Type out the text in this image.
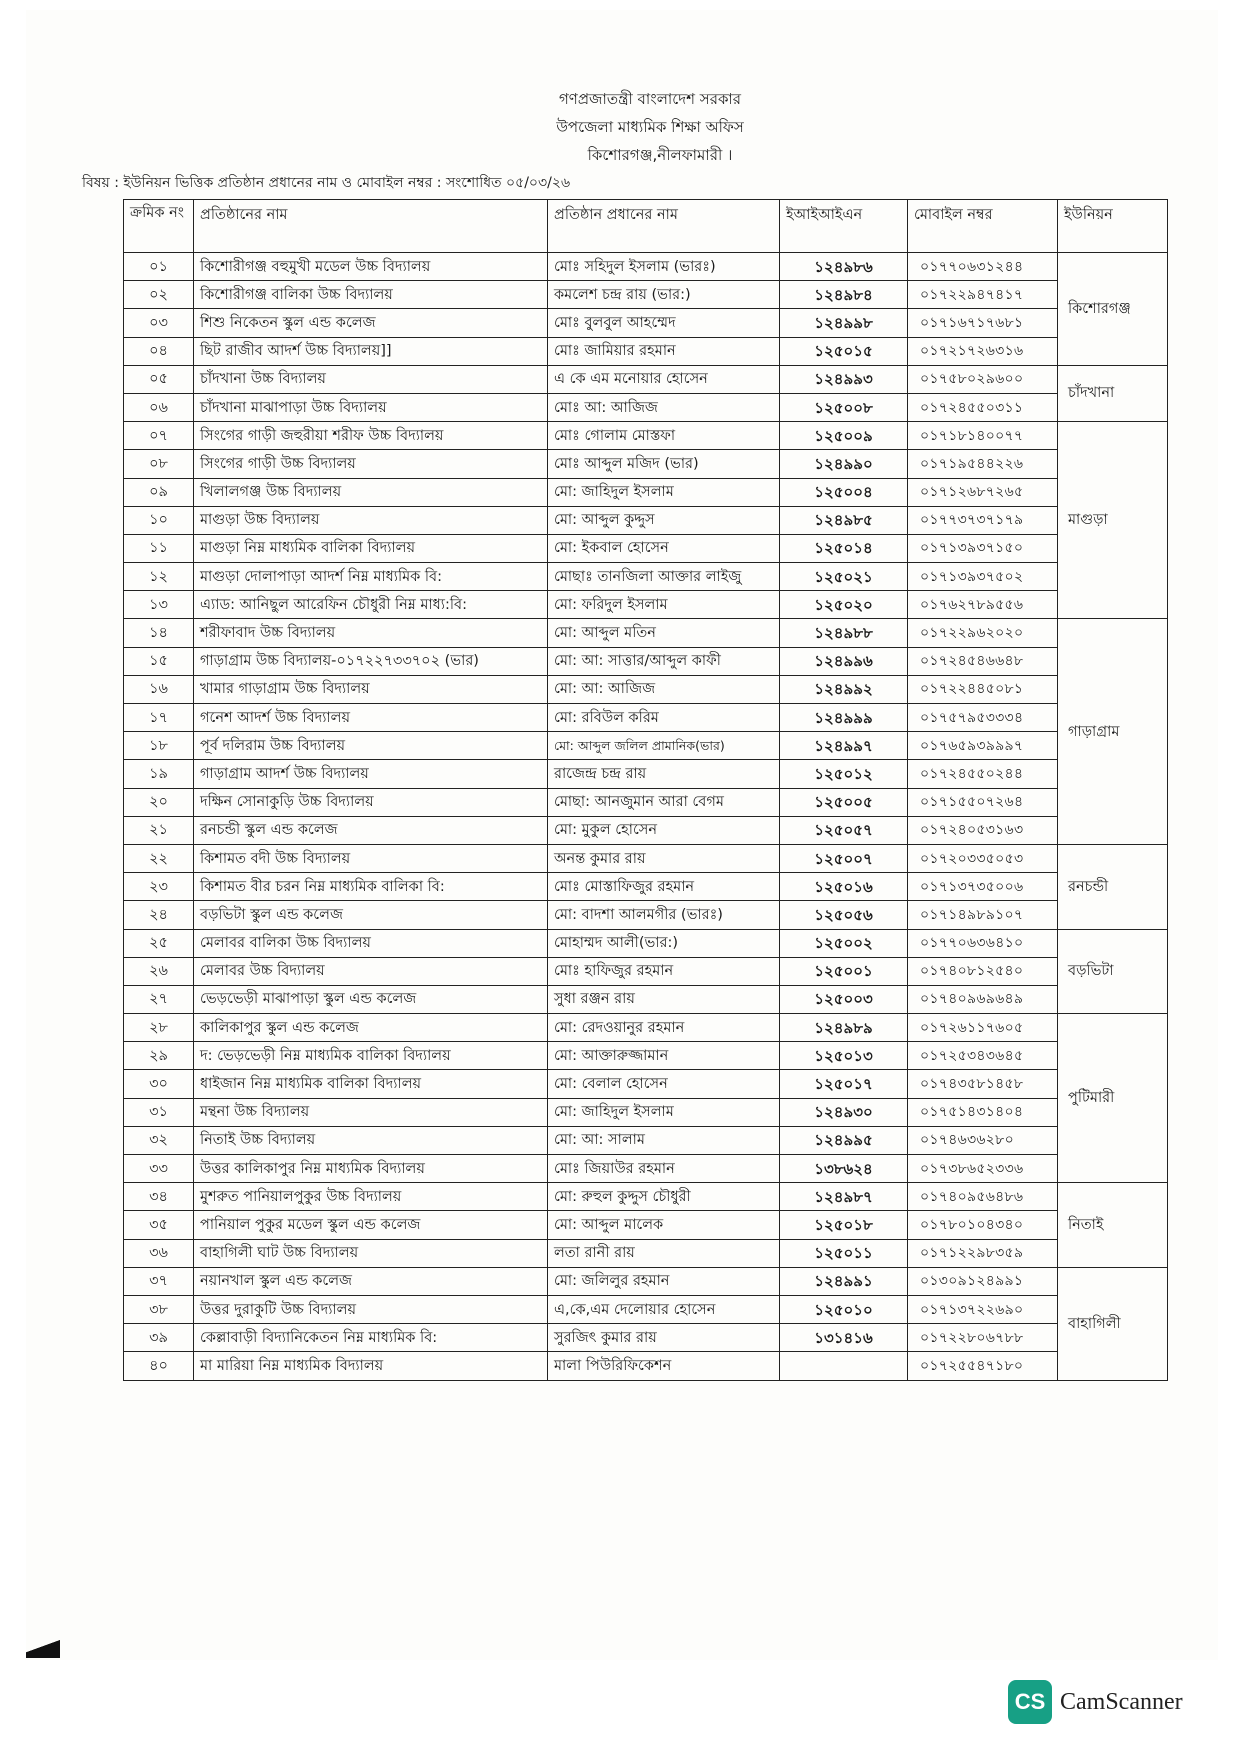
গণপ্রজাতন্ত্রী বাংলাদেশ সরকার
উপজেলা মাধ্যমিক শিক্ষা অফিস
কিশোরগঞ্জ,নীলফামারী ।
বিষয় : ইউনিয়ন ভিত্তিক প্রতিষ্ঠান প্রধানের নাম ও মোবাইল নম্বর : সংশোধিত ০৫/০৩/২৬
ক্রমিক নং	প্রতিষ্ঠানের নাম	প্রতিষ্ঠান প্রধানের নাম	ইআইআইএন	মোবাইল নম্বর	ইউনিয়ন
০১	কিশোরীগঞ্জ বহুমুখী মডেল উচ্চ বিদ্যালয়	মোঃ সহিদুল ইসলাম (ভারঃ)	১২৪৯৮৬	০১৭৭০৬৩১২৪৪	কিশোরগঞ্জ
০২	কিশোরীগঞ্জ বালিকা উচ্চ বিদ্যালয়	কমলেশ চন্দ্র রায় (ভার:)	১২৪৯৮৪	০১৭২২৯৪৭৪১৭	
০৩	শিশু নিকেতন স্কুল এন্ড কলেজ	মোঃ বুলবুল আহম্মেদ	১২৪৯৯৮	০১৭১৬৭১৭৬৮১	
০৪	ছিট রাজীব আদর্শ উচ্চ বিদ্যালয়]]	মোঃ জামিয়ার রহমান	১২৫০১৫	০১৭২১৭২৬৩১৬	
০৫	চাঁদখানা উচ্চ বিদ্যালয়	এ কে এম মনোয়ার হোসেন	১২৪৯৯৩	০১৭৫৮০২৯৬০০	চাঁদখানা
০৬	চাঁদখানা মাঝাপাড়া উচ্চ বিদ্যালয়	মোঃ আ: আজিজ	১২৫০০৮	০১৭২৪৫৫০৩১১	
০৭	সিংগের গাড়ী জহুরীয়া শরীফ উচ্চ বিদ্যালয়	মোঃ গোলাম মোস্তফা	১২৫০০৯	০১৭১৮১৪০০৭৭	মাগুড়া
০৮	সিংগের গাড়ী উচ্চ বিদ্যালয়	মোঃ আব্দুল মজিদ (ভার)	১২৪৯৯০	০১৭১৯৫৪৪২২৬	
০৯	খিলালগঞ্জ উচ্চ বিদ্যালয়	মো: জাহিদুল ইসলাম	১২৫০০৪	০১৭১২৬৮৭২৬৫	
১০	মাগুড়া উচ্চ বিদ্যালয়	মো: আব্দুল কুদ্দুস	১২৪৯৮৫	০১৭৭৩৭৩৭১৭৯	
১১	মাগুড়া নিম্ন মাধ্যমিক বালিকা বিদ্যালয়	মো: ইকবাল হোসেন	১২৫০১৪	০১৭১৩৯৩৭১৫০	
১২	মাগুড়া দোলাপাড়া আদর্শ নিম্ন মাধ্যমিক বি:	মোছাঃ তানজিলা আক্তার লাইজু	১২৫০২১	০১৭১৩৯৩৭৫০২	
১৩	এ্যাড: আনিছুল আরেফিন চৌধুরী নিম্ন মাধ্য:বি:	মো: ফরিদুল ইসলাম	১২৫০২০	০১৭৬২৭৮৯৫৫৬	
১৪	শরীফাবাদ উচ্চ বিদ্যালয়	মো: আব্দুল মতিন	১২৪৯৮৮	০১৭২২৯৬২০২০	গাড়াগ্রাম
১৫	গাড়াগ্রাম উচ্চ বিদ্যালয়-০১৭২২৭৩৩৭০২ (ভার)	মো: আ: সাত্তার/আব্দুল কাফী	১২৪৯৯৬	০১৭২৪৫৪৬৬৪৮	
১৬	খামার গাড়াগ্রাম উচ্চ বিদ্যালয়	মো: আ: আজিজ	১২৪৯৯২	০১৭২২৪৪৫০৮১	
১৭	গনেশ আদর্শ উচ্চ বিদ্যালয়	মো: রবিউল করিম	১২৪৯৯৯	০১৭৫৭৯৫৩৩৩৪	
১৮	পূর্ব দলিরাম উচ্চ বিদ্যালয়	মো: আব্দুল জলিল প্রামানিক(ভার)	১২৪৯৯৭	০১৭৬৫৯৩৯৯৯৭	
১৯	গাড়াগ্রাম আদর্শ উচ্চ বিদ্যালয়	রাজেন্দ্র চন্দ্র রায়	১২৫০১২	০১৭২৪৫৫০২৪৪	
২০	দক্ষিন সোনাকুড়ি উচ্চ বিদ্যালয়	মোছা: আনজুমান আরা বেগম	১২৫০০৫	০১৭১৫৫০৭২৬৪	
২১	রনচন্ডী স্কুল এন্ড কলেজ	মো: মুকুল হোসেন	১২৫০৫৭	০১৭২৪০৫৩১৬৩	
২২	কিশামত বদী উচ্চ বিদ্যালয়	অনন্ত কুমার রায়	১২৫০০৭	০১৭২০৩৩৫০৫৩	রনচন্ডী
২৩	কিশামত বীর চরন নিম্ন মাধ্যমিক বালিকা বি:	মোঃ মোস্তাফিজুর রহমান	১২৫০১৬	০১৭১৩৭৩৫০০৬	
২৪	বড়ভিটা স্কুল এন্ড কলেজ	মো: বাদশা আলমগীর (ভারঃ)	১২৫০৫৬	০১৭১৪৯৮৯১০৭	
২৫	মেলাবর বালিকা উচ্চ বিদ্যালয়	মোহাম্মদ আলী(ভার:)	১২৫০০২	০১৭৭০৬৩৬৪১০	বড়ভিটা
২৬	মেলাবর উচ্চ বিদ্যালয়	মোঃ হাফিজুর রহমান	১২৫০০১	০১৭৪০৮১২৫৪০	
২৭	ভেড়ভেড়ী মাঝাপাড়া স্কুল এন্ড কলেজ	সুধা রঞ্জন রায়	১২৫০০৩	০১৭৪০৯৬৯৬৪৯	
২৮	কালিকাপুর স্কুল এন্ড কলেজ	মো: রেদওয়ানুর রহমান	১২৪৯৮৯	০১৭২৬১১৭৬০৫	পুটিমারী
২৯	দ: ভেড়ভেড়ী নিম্ন মাধ্যমিক বালিকা বিদ্যালয়	মো: আক্তারুজ্জামান	১২৫০১৩	০১৭২৫৩৪৩৬৪৫	
৩০	ধাইজান নিম্ন মাধ্যমিক বালিকা বিদ্যালয়	মো: বেলাল হোসেন	১২৫০১৭	০১৭৪৩৫৮১৪৫৮	
৩১	মন্থনা উচ্চ বিদ্যালয়	মো: জাহিদুল ইসলাম	১২৪৯৩০	০১৭৫১৪৩১৪০৪	
৩২	নিতাই উচ্চ বিদ্যালয়	মো: আ: সালাম	১২৪৯৯৫	০১৭৪৬৩৬২৮০	
৩৩	উত্তর কালিকাপুর নিম্ন মাধ্যমিক বিদ্যালয়	মোঃ জিয়াউর রহমান	১৩৮৬২৪	০১৭৩৮৬৫২৩৩৬	
৩৪	মুশরুত পানিয়ালপুকুর উচ্চ বিদ্যালয়	মো: রুহুল কুদ্দুস চৌধুরী	১২৪৯৮৭	০১৭৪০৯৫৬৪৮৬	নিতাই
৩৫	পানিয়াল পুকুর মডেল স্কুল এন্ড কলেজ	মো: আব্দুল মালেক	১২৫০১৮	০১৭৮০১০৪৩৪০	
৩৬	বাহাগিলী ঘাট উচ্চ বিদ্যালয়	লতা রানী রায়	১২৫০১১	০১৭১২২৯৮৩৫৯	
৩৭	নয়ানখাল স্কুল এন্ড কলেজ	মো: জলিলুর রহমান	১২৪৯৯১	০১৩০৯১২৪৯৯১	বাহাগিলী
৩৮	উত্তর দুরাকুটি উচ্চ বিদ্যালয়	এ,কে,এম দেলোয়ার হোসেন	১২৫০১০	০১৭১৩৭২২৬৯০	
৩৯	কেল্লাবাড়ী বিদ্যানিকেতন নিম্ন মাধ্যমিক বি:	সুরজিৎ কুমার রায়	১৩১৪১৬	০১৭২২৮০৬৭৮৮	
৪০	মা মারিয়া নিম্ন মাধ্যমিক বিদ্যালয়	মালা পিউরিফিকেশন		০১৭২৫৫৪৭১৮০	
CS CamScanner
